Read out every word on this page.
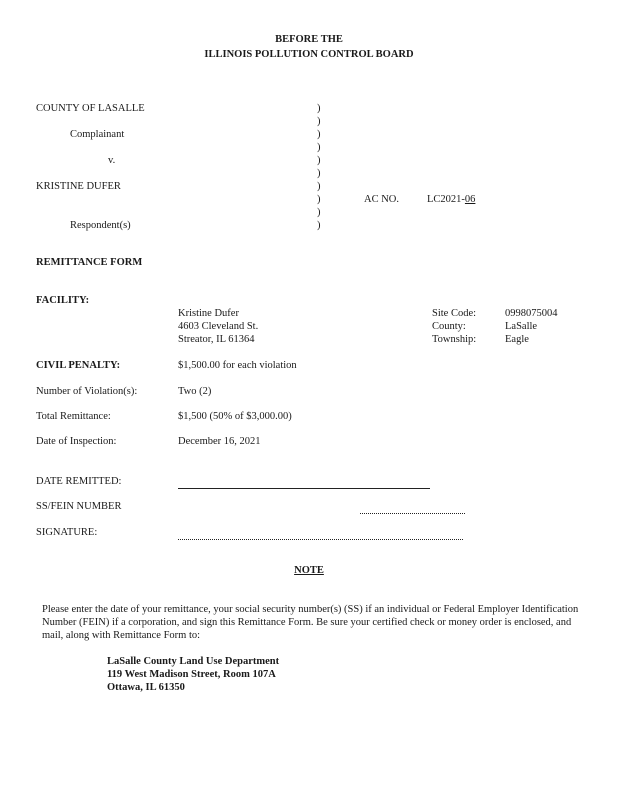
BEFORE THE
ILLINOIS POLLUTION CONTROL BOARD
COUNTY OF LASALLE
Complainant
v.
KRISTINE DUFER
Respondent(s)
)
)
)
)
)
)
)
)
)
)
AC NO.	LC2021-06
REMITTANCE FORM
FACILITY:
Kristine Dufer
4603 Cleveland St.
Streator, IL 61364
Site Code:	0998075004
County:	LaSalle
Township:	Eagle
CIVIL PENALTY:	$1,500.00 for each violation
Number of Violation(s):	Two (2)
Total Remittance:	$1,500 (50% of $3,000.00)
Date of Inspection:	December 16, 2021
DATE REMITTED:
SS/FEIN NUMBER
SIGNATURE:
NOTE
Please enter the date of your remittance, your social security number(s) (SS) if an individual or Federal Employer Identification Number (FEIN) if a corporation, and sign this Remittance Form. Be sure your certified check or money order is enclosed, and mail, along with Remittance Form to:
LaSalle County Land Use Department
119 West Madison Street, Room 107A
Ottawa, IL 61350
